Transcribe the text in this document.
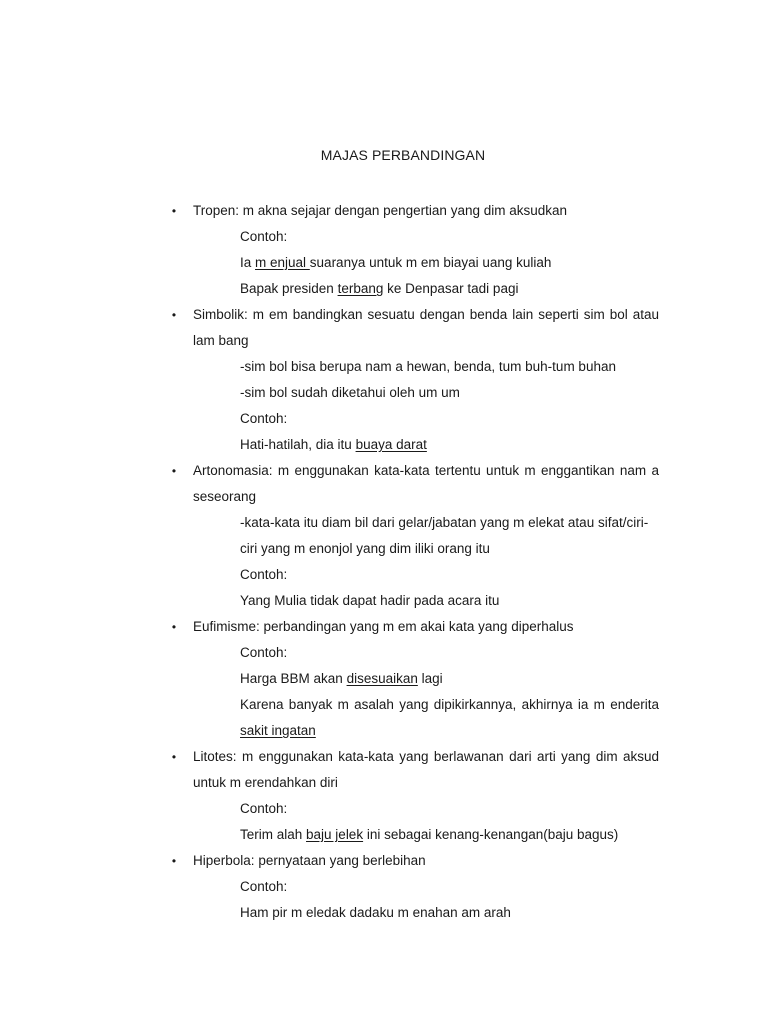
MAJAS PERBANDINGAN
• Tropen: m akna sejajar dengan pengertian yang dim aksudkan
Contoh:
Ia m enjual suaranya untuk m em biayai uang kuliah
Bapak presiden terbang ke Denpasar tadi pagi
• Simbolik: m em bandingkan sesuatu dengan benda lain seperti sim bol atau lam bang
-sim bol bisa berupa nam a hewan, benda, tum buh-tum buhan
-sim bol sudah diketahui oleh um um
Contoh:
Hati-hatilah, dia itu buaya darat
• Artonomasia: m enggunakan kata-kata tertentu untuk m enggantikan nam a seseorang
-kata-kata itu diam bil dari gelar/jabatan yang m elekat atau sifat/ciri-ciri yang m enonjol yang dim iliki orang itu
Contoh:
Yang Mulia tidak dapat hadir pada acara itu
• Eufimisme: perbandingan yang m em akai kata yang diperhalus
Contoh:
Harga BBM akan disesuaikan lagi
Karena banyak m asalah yang dipikirkannya, akhirnya ia m enderita sakit ingatan
• Litotes: m enggunakan kata-kata yang berlawanan dari arti yang dim aksud untuk m erendahkan diri
Contoh:
Terim alah baju jelek ini sebagai kenang-kenangan(baju bagus)
• Hiperbola: pernyataan yang berlebihan
Contoh:
Ham pir m eledak dadaku m enahan am arah
